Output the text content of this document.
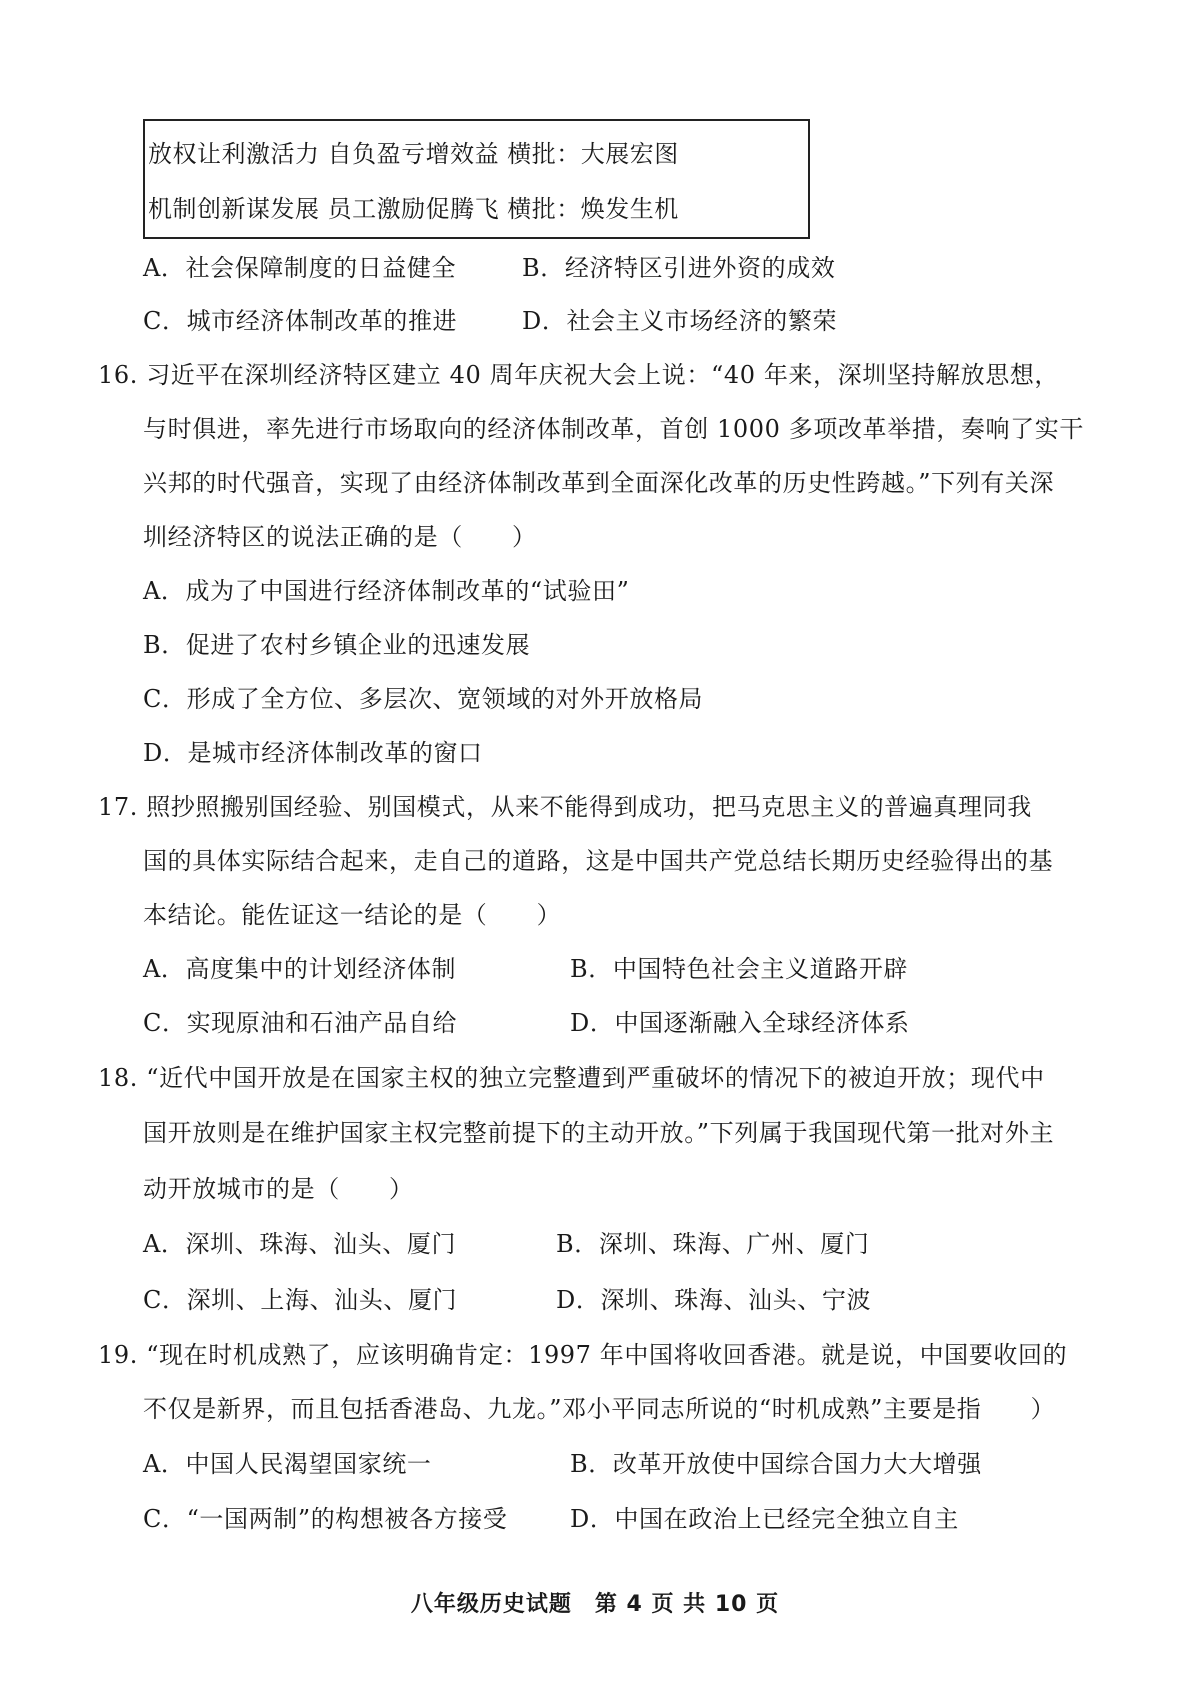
放权让利激活力 自负盈亏增效益 横批：大展宏图
机制创新谋发展 员工激励促腾飞 横批：焕发生机
A．社会保障制度的日益健全	B．经济特区引进外资的成效
C．城市经济体制改革的推进	D．社会主义市场经济的繁荣
16. 习近平在深圳经济特区建立 40 周年庆祝大会上说：“40 年来，深圳坚持解放思想，
与时俱进，率先进行市场取向的经济体制改革，首创 1000 多项改革举措，奏响了实干
兴邦的时代强音，实现了由经济体制改革到全面深化改革的历史性跨越。”下列有关深
圳经济特区的说法正确的是（　　）
A．成为了中国进行经济体制改革的“试验田”
B．促进了农村乡镇企业的迅速发展
C．形成了全方位、多层次、宽领域的对外开放格局
D．是城市经济体制改革的窗口
17. 照抄照搬别国经验、别国模式，从来不能得到成功，把马克思主义的普遍真理同我
国的具体实际结合起来，走自己的道路，这是中国共产党总结长期历史经验得出的基
本结论。能佐证这一结论的是（　　）
A．高度集中的计划经济体制	B．中国特色社会主义道路开辟
C．实现原油和石油产品自给	D．中国逐渐融入全球经济体系
18. “近代中国开放是在国家主权的独立完整遭到严重破坏的情况下的被迫开放；现代中
国开放则是在维护国家主权完整前提下的主动开放。”下列属于我国现代第一批对外主
动开放城市的是（　　）
A．深圳、珠海、汕头、厦门	B．深圳、珠海、广州、厦门
C．深圳、上海、汕头、厦门	D．深圳、珠海、汕头、宁波
19. “现在时机成熟了，应该明确肯定：1997 年中国将收回香港。就是说，中国要收回的
不仅是新界，而且包括香港岛、九龙。”邓小平同志所说的“时机成熟”主要是指　　）
A．中国人民渴望国家统一	B．改革开放使中国综合国力大大增强
C．“一国两制”的构想被各方接受	D．中国在政治上已经完全独立自主
八年级历史试题　第 4 页 共 10 页
